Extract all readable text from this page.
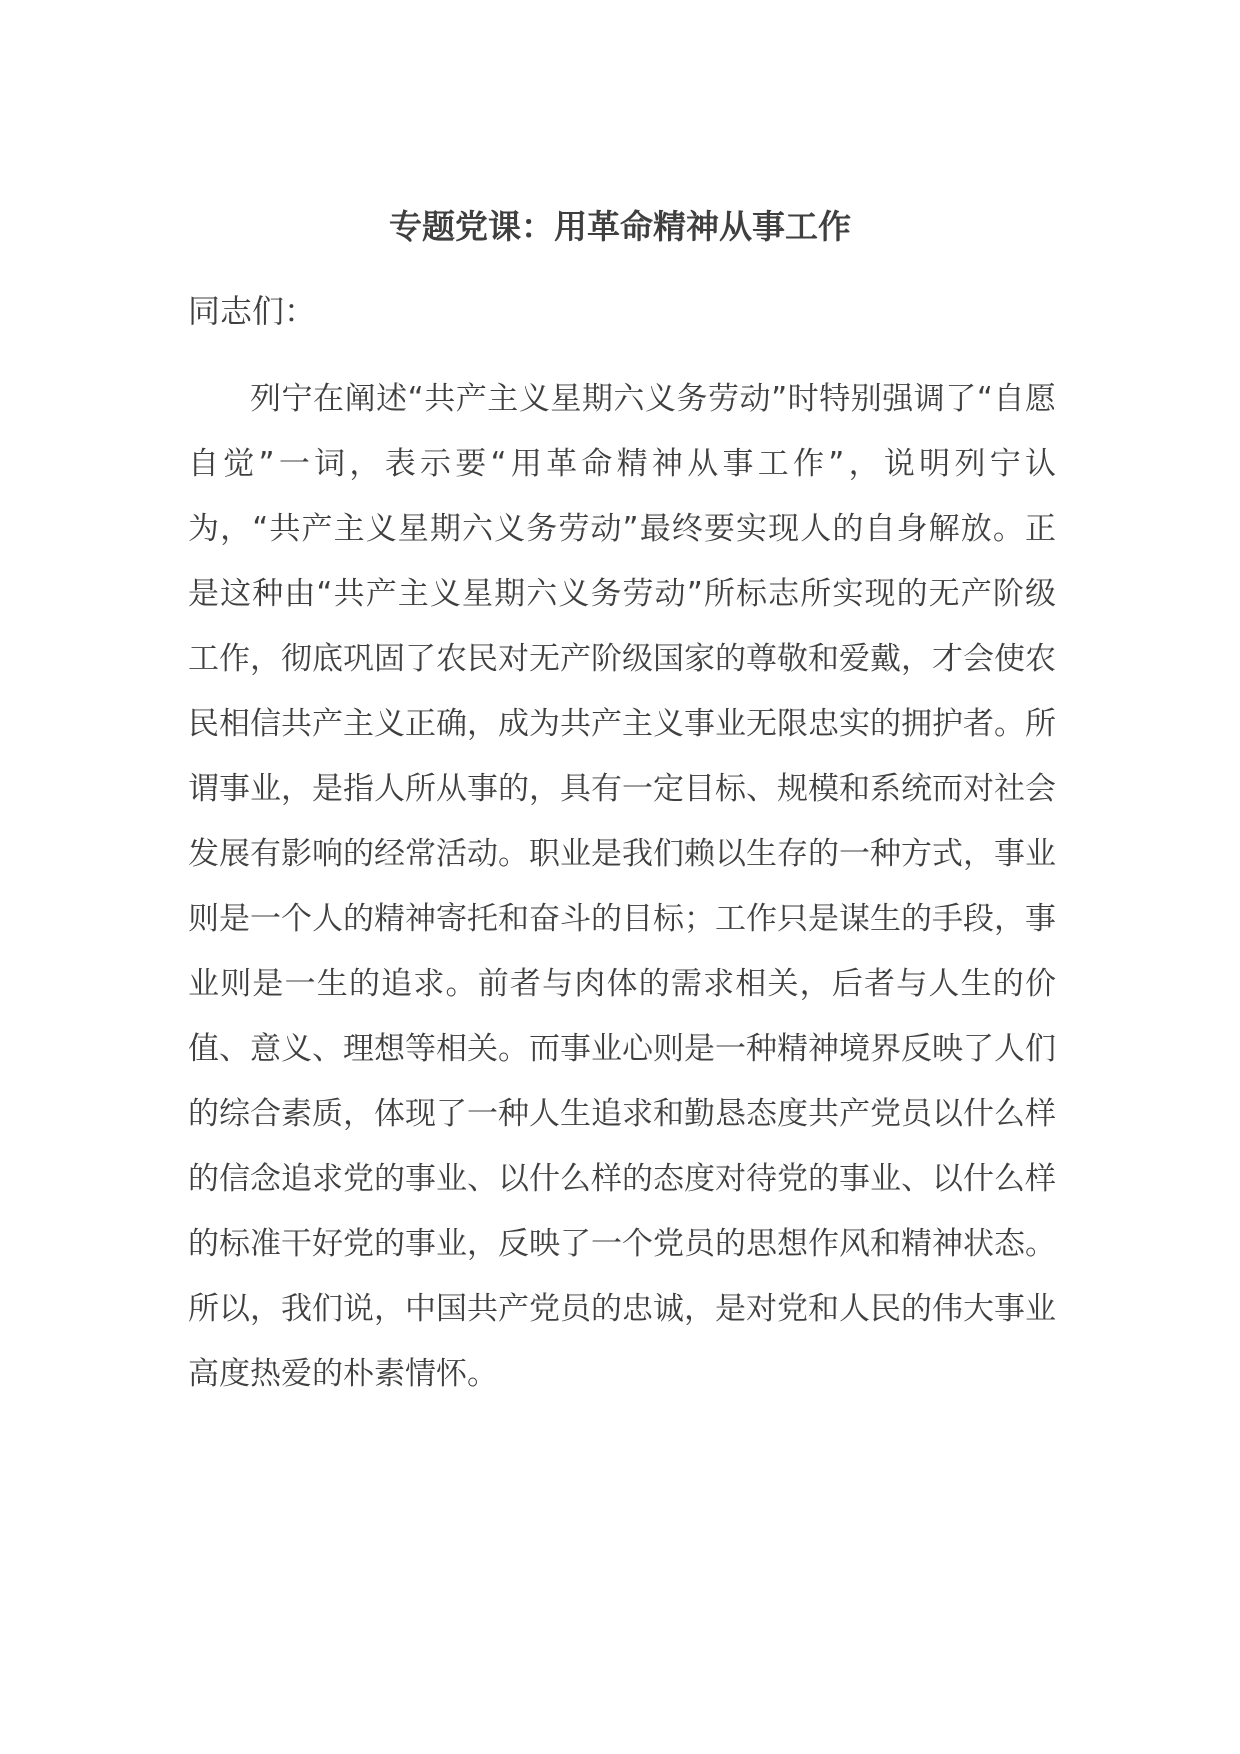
专题党课：用革命精神从事工作

同志们：

列宁在阐述“共产主义星期六义务劳动”时特别强调了“自愿自觉”一词，表示要“用革命精神从事工作”，说明列宁认为，“共产主义星期六义务劳动”最终要实现人的自身解放。正是这种由“共产主义星期六义务劳动”所标志所实现的无产阶级工作，彻底巩固了农民对无产阶级国家的尊敬和爱戴，才会使农民相信共产主义正确，成为共产主义事业无限忠实的拥护者。所谓事业，是指人所从事的，具有一定目标、规模和系统而对社会发展有影响的经常活动。职业是我们赖以生存的一种方式，事业则是一个人的精神寄托和奋斗的目标；工作只是谋生的手段，事业则是一生的追求。前者与肉体的需求相关，后者与人生的价值、意义、理想等相关。而事业心则是一种精神境界反映了人们的综合素质，体现了一种人生追求和勤恳态度共产党员以什么样的信念追求党的事业、以什么样的态度对待党的事业、以什么样的标准干好党的事业，反映了一个党员的思想作风和精神状态。所以，我们说，中国共产党员的忠诚，是对党和人民的伟大事业高度热爱的朴素情怀。
